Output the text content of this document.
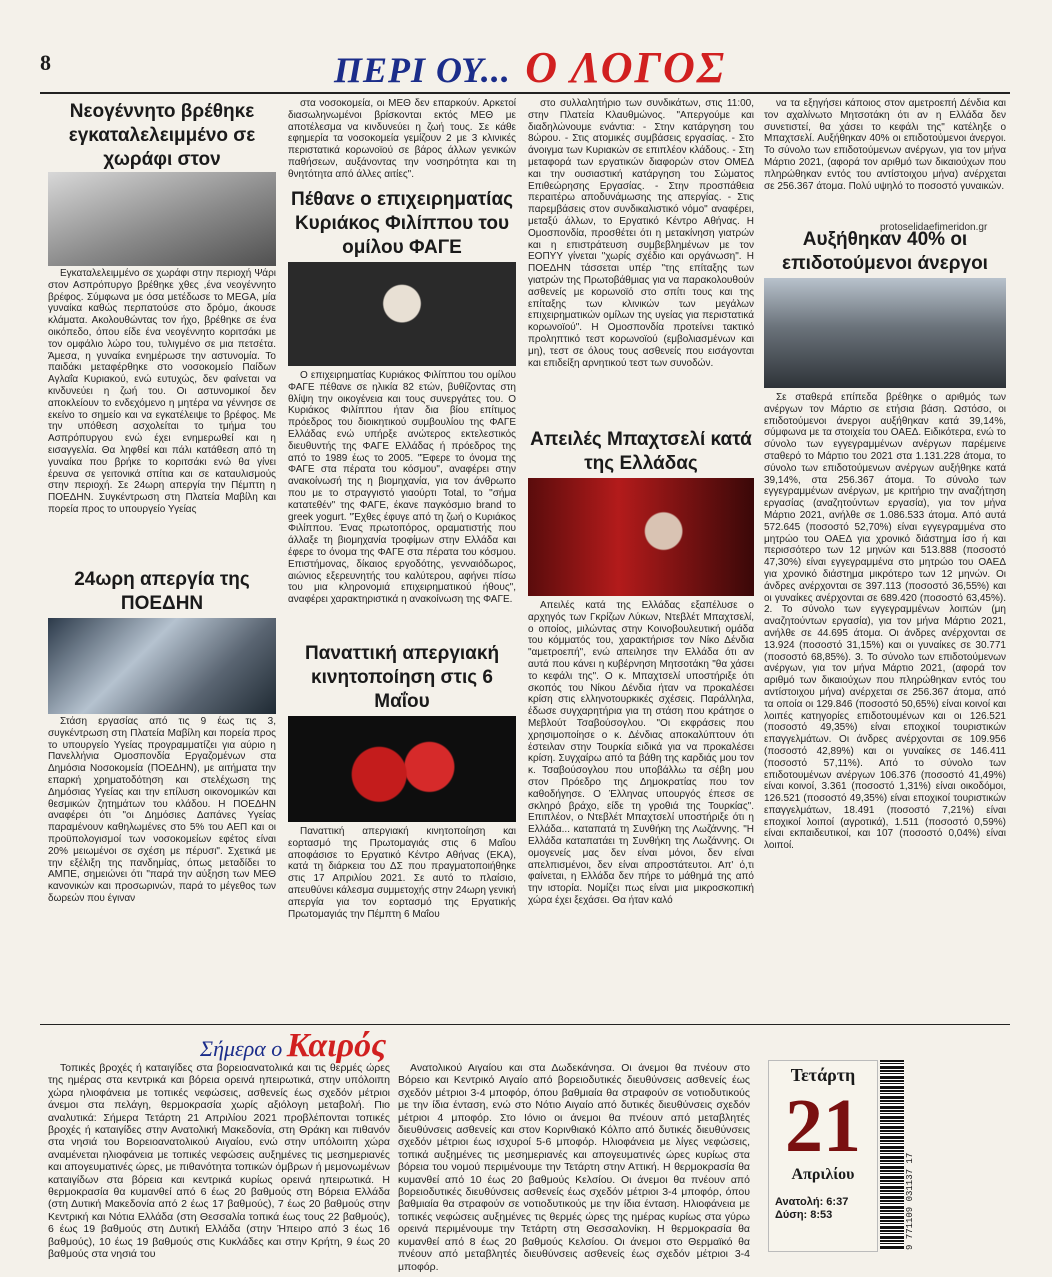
8	ΠΕΡΙ ΟΥ... Ο ΛΟΓΟΣ
Νεογέννητο βρέθηκε εγκαταλελειμμένο σε χωράφι στον

Εγκαταλελειμμένο σε χωράφι στην περιοχή Ψάρι στον Ασπρόπυργο βρέθηκε χθες ,ένα νεογέννητο βρέφος. Σύμφωνα με όσα μετέδωσε το MEGA, μία γυναίκα καθώς περπατούσε στο δρόμο, άκουσε κλάματα. Ακολουθώντας τον ήχο, βρέθηκε σε ένα οικόπεδο, όπου είδε ένα νεογέννητο κοριτσάκι με τον ομφάλιο λώρο του, τυλιγμένο σε μια πετσέτα. Άμεσα, η γυναίκα ενημέρωσε την αστυνομία. Το παιδάκι μεταφέρθηκε στο νοσοκομείο Παίδων Αγλαΐα Κυριακού, ενώ ευτυχώς, δεν φαίνεται να κινδυνεύει η ζωή του. Οι αστυνομικοί δεν αποκλείουν το ενδεχόμενο η μητέρα να γέννησε σε εκείνο το σημείο και να εγκατέλειψε το βρέφος. Με την υπόθεση ασχολείται το τμήμα του Ασπρόπυργου ενώ έχει ενημερωθεί και η εισαγγελία. Θα ληφθεί και πάλι κατάθεση από τη γυναίκα που βρήκε το κοριτσάκι ενώ θα γίνει έρευνα σε γειτονικά σπίτια και σε καταυλισμούς στην περιοχή. Σε 24ωρη απεργία την Πέμπτη η ΠΟΕΔΗΝ. Συγκέντρωση στη Πλατεία Μαβίλη και πορεία προς το υπουργείο Υγείας

24ωρη απεργία της ΠΟΕΔΗΝ

Στάση εργασίας από τις 9 έως τις 3, συγκέντρωση στη Πλατεία Μαβίλη και πορεία προς το υπουργείο Υγείας προγραμματίζει για αύριο η Πανελλήνια Ομοσπονδία Εργαζομένων στα Δημόσια Νοσοκομεία (ΠΟΕΔΗΝ), με αιτήματα την επαρκή χρηματοδότηση και στελέχωση της Δημόσιας Υγείας και την επίλυση οικονομικών και θεσμικών ζητημάτων του κλάδου. Η ΠΟΕΔΗΝ αναφέρει ότι "οι Δημόσιες Δαπάνες Υγείας παραμένουν καθηλωμένες στο 5% του ΑΕΠ και οι προϋπολογισμοί των νοσοκομείων εφέτος είναι 20% μειωμένοι σε σχέση με πέρυσι". Σχετικά με την εξέλιξη της πανδημίας, όπως μεταδίδει το ΑΜΠΕ, σημειώνει ότι "παρά την αύξηση των ΜΕΘ κανονικών και προσωρινών, παρά το μέγεθος των δωρεών που έγιναν

στα νοσοκομεία, οι ΜΕΘ δεν επαρκούν. Αρκετοί διασωληνωμένοι βρίσκονται εκτός ΜΕΘ με αποτέλεσμα να κινδυνεύει η ζωή τους. Σε κάθε εφημερία τα νοσοκομεία γεμίζουν 2 με 3 κλινικές περιστατικά κορωνοϊού σε βάρος άλλων γενικών παθήσεων, αυξάνοντας την νοσηρότητα και τη θνητότητα από άλλες αιτίες".

Πέθανε ο επιχειρηματίας Κυριάκος Φιλίππου του ομίλου ΦΑΓΕ

Ο επιχειρηματίας Κυριάκος Φιλίππου του ομίλου ΦΑΓΕ πέθανε σε ηλικία 82 ετών, βυθίζοντας στη θλίψη την οικογένεια και τους συνεργάτες του. Ο Κυριάκος Φιλίππου ήταν δια βίου επίτιμος πρόεδρος του διοικητικού συμβουλίου της ΦΑΓΕ Ελλάδας ενώ υπήρξε ανώτερος εκτελεστικός διευθυντής της ΦΑΓΕ Ελλάδας ή πρόεδρος της από το 1989 έως το 2005. "Έφερε το όνομα της ΦΑΓΕ στα πέρατα του κόσμου", αναφέρει στην ανακοίνωσή της η βιομηχανία, για τον άνθρωπο που με το στραγγιστό γιαούρτι Total, το "σήμα κατατεθέν" της ΦΑΓΕ, έκανε παγκόσμιο brand το greek yogurt. "Έχθες έφυγε από τη ζωή ο Κυριάκος Φιλίππου. Ένας πρωτοπόρος, οραματιστής που άλλαξε τη βιομηχανία τροφίμων στην Ελλάδα και έφερε το όνομα της ΦΑΓΕ στα πέρατα του κόσμου. Επιστήμονας, δίκαιος εργοδότης, γενναιόδωρος, αιώνιος εξερευνητής του καλύτερου, αφήνει πίσω του μια κληρονομιά επιχειρηματικού ήθους", αναφέρει χαρακτηριστικά η ανακοίνωση της ΦΑΓΕ.

Παναττική απεργιακή κινητοποίηση στις 6 Μαΐου

Παναττική απεργιακή κινητοποίηση και εορτασμό της Πρωτομαγιάς στις 6 Μαΐου αποφάσισε το Εργατικό Κέντρο Αθήνας (ΕΚΑ), κατά τη διάρκεια του ΔΣ που πραγματοποιήθηκε στις 17 Απριλίου 2021. Σε αυτό το πλαίσιο, απευθύνει κάλεσμα συμμετοχής στην 24ωρη γενική απεργία για τον εορτασμό της Εργατικής Πρωτομαγιάς την Πέμπτη 6 Μαΐου

στο συλλαλητήριο των συνδικάτων, στις 11:00, στην Πλατεία Κλαυθμώνος. "Απεργούμε και διαδηλώνουμε ενάντια: - Στην κατάργηση του 8ώρου. - Στις ατομικές συμβάσεις εργασίας. - Στο άνοιγμα των Κυριακών σε επιπλέον κλάδους. - Στη μεταφορά των εργατικών διαφορών στον ΟΜΕΔ και την ουσιαστική κατάργηση του Σώματος Επιθεώρησης Εργασίας. - Στην προσπάθεια περαιτέρω αποδυνάμωσης της απεργίας. - Στις παρεμβάσεις στον συνδικαλιστικό νόμο" αναφέρει, μεταξύ άλλων, το Εργατικό Κέντρο Αθήνας. Η Ομοσπονδία, προσθέτει ότι η μετακίνηση γιατρών και η επιστράτευση συμβεβλημένων με τον ΕΟΠΥΥ γίνεται "χωρίς σχέδιο και οργάνωση". Η ΠΟΕΔΗΝ τάσσεται υπέρ "της επίταξης των γιατρών της Πρωτοβάθμιας για να παρακολουθούν ασθενείς με κορωνοϊό στο σπίτι τους και της επίταξης των κλινικών των μεγάλων επιχειρηματικών ομίλων της υγείας για περιστατικά κορωνοϊού". Η Ομοσπονδία προτείνει τακτικό προληπτικό τεστ κορωνοϊού (εμβολιασμένων και μη), τεστ σε όλους τους ασθενείς που εισάγονται και επιδείξη αρνητικού τεστ των συνοδών.

Απειλές Μπαχτσελί κατά της Ελλάδας

Απειλές κατά της Ελλάδας εξαπέλυσε ο αρχηγός των Γκρίζων Λύκων, Ντεβλέτ Μπαχτσελί, ο οποίος, μιλώντας στην Κοινοβουλευτική ομάδα του κόμματός του, χαρακτήρισε τον Νίκο Δένδια "αμετροεπή", ενώ απειλησε την Ελλάδα ότι αν αυτά που κάνει η κυβέρνηση Μητσοτάκη "θα χάσει το κεφάλι της". Ο κ. Μπαχτσελί υποστήριξε ότι σκοπός του Νίκου Δένδια ήταν να προκαλέσει κρίση στις ελληνοτουρκικές σχέσεις. Παράλληλα, έδωσε συγχαρητήρια για τη στάση που κράτησε ο Μεβλούτ Τσαβούσογλου. "Οι εκφράσεις που χρησιμοποίησε ο κ. Δένδιας αποκαλύπτουν ότι έστειλαν στην Τουρκία ειδικά για να προκαλέσει κρίση. Συγχαίρω από τα βάθη της καρδιάς μου τον κ. Τσαβούσογλου που υποβάλλω τα σέβη μου στον Πρόεδρο της Δημοκρατίας που τον καθοδήγησε. Ο Έλληνας υπουργός έπεσε σε σκληρό βράχο, είδε τη γροθιά της Τουρκίας". Επιπλέον, ο Ντεβλέτ Μπαχτσελί υποστήριξε ότι η Ελλάδα... καταπατά τη Συνθήκη της Λωζάννης. "Η Ελλάδα καταπατάει τη Συνθήκη της Λωζάννης. Οι ομογενείς μας δεν είναι μόνοι, δεν είναι απελπισμένοι, δεν είναι απροστάτευτοι. Απ' ό,τι φαίνεται, η Ελλάδα δεν πήρε το μάθημά της από την ιστορία. Νομίζει πως είναι μια μικροσκοπική χώρα έχει ξεχάσει. Θα ήταν καλό

να τα εξηγήσει κάποιος στον αμετροεπή Δένδια και τον αχαλίνωτο Μητσοτάκη ότι αν η Ελλάδα δεν συνετιστεί, θα χάσει το κεφάλι της" κατέληξε ο Μπαχτσελί. Αυξήθηκαν 40% οι επιδοτούμενοι άνεργοι. Το σύνολο των επιδοτούμενων ανέργων, για τον μήνα Μάρτιο 2021, (αφορά τον αριθμό των δικαιούχων που πληρώθηκαν εντός του αντίστοιχου μήνα) ανέρχεται σε 256.367 άτομα. Πολύ υψηλό το ποσοστό γυναικών.

protoselidaefimeridon.gr
Αυξήθηκαν 40% οι επιδοτούμενοι άνεργοι

Σε σταθερά επίπεδα βρέθηκε ο αριθμός των ανέργων τον Μάρτιο σε ετήσια βάση. Ωστόσο, οι επιδοτούμενοι άνεργοι αυξήθηκαν κατά 39,14%, σύμφωνα με τα στοιχεία του ΟΑΕΔ. Ειδικότερα, ενώ το σύνολο των εγγεγραμμένων ανέργων παρέμεινε σταθερό το Μάρτιο του 2021 στα 1.131.228 άτομα, το σύνολο των επιδοτούμενων ανέργων αυξήθηκε κατά 39,14%, στα 256.367 άτομα. Το σύνολο των εγγεγραμμένων ανέργων, με κριτήριο την αναζήτηση εργασίας (αναζητούντων εργασία), για τον μήνα Μάρτιο 2021, ανήλθε σε 1.086.533 άτομα. Από αυτά 572.645 (ποσοστό 52,70%) είναι εγγεγραμμένα στο μητρώο του ΟΑΕΔ για χρονικό διάστημα ίσο ή και περισσότερο των 12 μηνών και 513.888 (ποσοστό 47,30%) είναι εγγεγραμμένα στο μητρώο του ΟΑΕΔ για χρονικό διάστημα μικρότερο των 12 μηνών. Οι άνδρες ανέρχονται σε 397.113 (ποσοστό 36,55%) και οι γυναίκες ανέρχονται σε 689.420 (ποσοστό 63,45%). 2. Το σύνολο των εγγεγραμμένων λοιπών (μη αναζητούντων εργασία), για τον μήνα Μάρτιο 2021, ανήλθε σε 44.695 άτομα. Οι άνδρες ανέρχονται σε 13.924 (ποσοστό 31,15%) και οι γυναίκες σε 30.771 (ποσοστό 68,85%). 3. Το σύνολο των επιδοτούμενων ανέργων, για τον μήνα Μάρτιο 2021, (αφορά τον αριθμό των δικαιούχων που πληρώθηκαν εντός του αντίστοιχου μήνα) ανέρχεται σε 256.367 άτομα, από τα οποία οι 129.846 (ποσοστό 50,65%) είναι κοινοί και λοιπές κατηγορίες επιδοτουμένων και οι 126.521 (ποσοστό 49,35%) είναι εποχικοί τουριστικών επαγγελμάτων. Οι άνδρες ανέρχονται σε 109.956 (ποσοστό 42,89%) και οι γυναίκες σε 146.411 (ποσοστό 57,11%). Από το σύνολο των επιδοτουμένων ανέργων 106.376 (ποσοστό 41,49%) είναι κοινοί, 3.361 (ποσοστό 1,31%) είναι οικοδόμοι, 126.521 (ποσοστό 49,35%) είναι εποχικοί τουριστικών επαγγελμάτων, 18.491 (ποσοστό 7,21%) είναι εποχικοί λοιποί (αγροτικά), 1.511 (ποσοστό 0,59%) είναι εκπαιδευτικοί, και 107 (ποσοστό 0,04%) είναι λοιποί.

Σήμερα ο Καιρός

Τοπικές βροχές ή καταιγίδες στα βορειοανατολικά και τις θερμές ώρες της ημέρας στα κεντρικά και βόρεια ορεινά ηπειρωτικά, στην υπόλοιπη χώρα ηλιοφάνεια με τοπικές νεφώσεις, ασθενείς έως σχεδόν μέτριοι άνεμοι στα πελάγη, θερμοκρασία χωρίς αξιόλογη μεταβολή. Πιο αναλυτικά: Σήμερα Τετάρτη 21 Απριλίου 2021 προβλέπονται τοπικές βροχές ή καταιγίδες στην Ανατολική Μακεδονία, στη Θράκη και πιθανόν στα νησιά του Βορειοανατολικού Αιγαίου, ενώ στην υπόλοιπη χώρα αναμένεται ηλιοφάνεια με τοπικές νεφώσεις αυξημένες τις μεσημεριανές και απογευματινές ώρες, με πιθανότητα τοπικών όμβρων ή μεμονωμένων καταιγίδων στα βόρεια και κεντρικά κυρίως ορεινά ηπειρωτικά. Η θερμοκρασία θα κυμανθεί από 6 έως 20 βαθμούς στη Βόρεια Ελλάδα (στη Δυτική Μακεδονία από 2 έως 17 βαθμούς), 7 έως 20 βαθμούς στην Κεντρική και Νότια Ελλάδα (στη Θεσσαλία τοπικά έως τους 22 βαθμούς), 6 έως 19 βαθμούς στη Δυτική Ελλάδα (στην Ήπειρο από 3 έως 16 βαθμούς), 10 έως 19 βαθμούς στις Κυκλάδες και στην Κρήτη, 9 έως 20 βαθμούς στα νησιά του

Ανατολικού Αιγαίου και στα Δωδεκάνησα. Οι άνεμοι θα πνέουν στο Βόρειο και Κεντρικό Αιγαίο από βορειοδυτικές διευθύνσεις ασθενείς έως σχεδόν μέτριοι 3-4 μποφόρ, όπου βαθμιαία θα στραφούν σε νοτιοδυτικούς με την ίδια ένταση, ενώ στο Νότιο Αιγαίο από δυτικές διευθύνσεις σχεδόν μέτριοι 4 μποφόρ. Στο Ιόνιο οι άνεμοι θα πνέουν από μεταβλητές διευθύνσεις ασθενείς και στον Κορινθιακό Κόλπο από δυτικές διευθύνσεις σχεδόν μέτριοι έως ισχυροί 5-6 μποφόρ. Ηλιοφάνεια με λίγες νεφώσεις, τοπικά αυξημένες τις μεσημεριανές και απογευματινές ώρες κυρίως στα βόρεια του νομού περιμένουμε την Τετάρτη στην Αττική. Η θερμοκρασία θα κυμανθεί από 10 έως 20 βαθμούς Κελσίου. Οι άνεμοι θα πνέουν από βορειοδυτικές διευθύνσεις ασθενείς έως σχεδόν μέτριοι 3-4 μποφόρ, όπου βαθμιαία θα στραφούν σε νοτιοδυτικούς με την ίδια ένταση. Ηλιοφάνεια με τοπικές νεφώσεις αυξημένες τις θερμές ώρες της ημέρας κυρίως στα γύρω ορεινά περιμένουμε την Τετάρτη στη Θεσσαλονίκη. Η θερμοκρασία θα κυμανθεί από 8 έως 20 βαθμούς Κελσίου. Οι άνεμοι στο Θερμαϊκό θα πνέουν από μεταβλητές διευθύνσεις ασθενείς έως σχεδόν μέτριοι 3-4 μποφόρ.

Τετάρτη
21
Απριλίου
Ανατολή: 6:37
Δύση: 8:53	9 771109 031137 17
